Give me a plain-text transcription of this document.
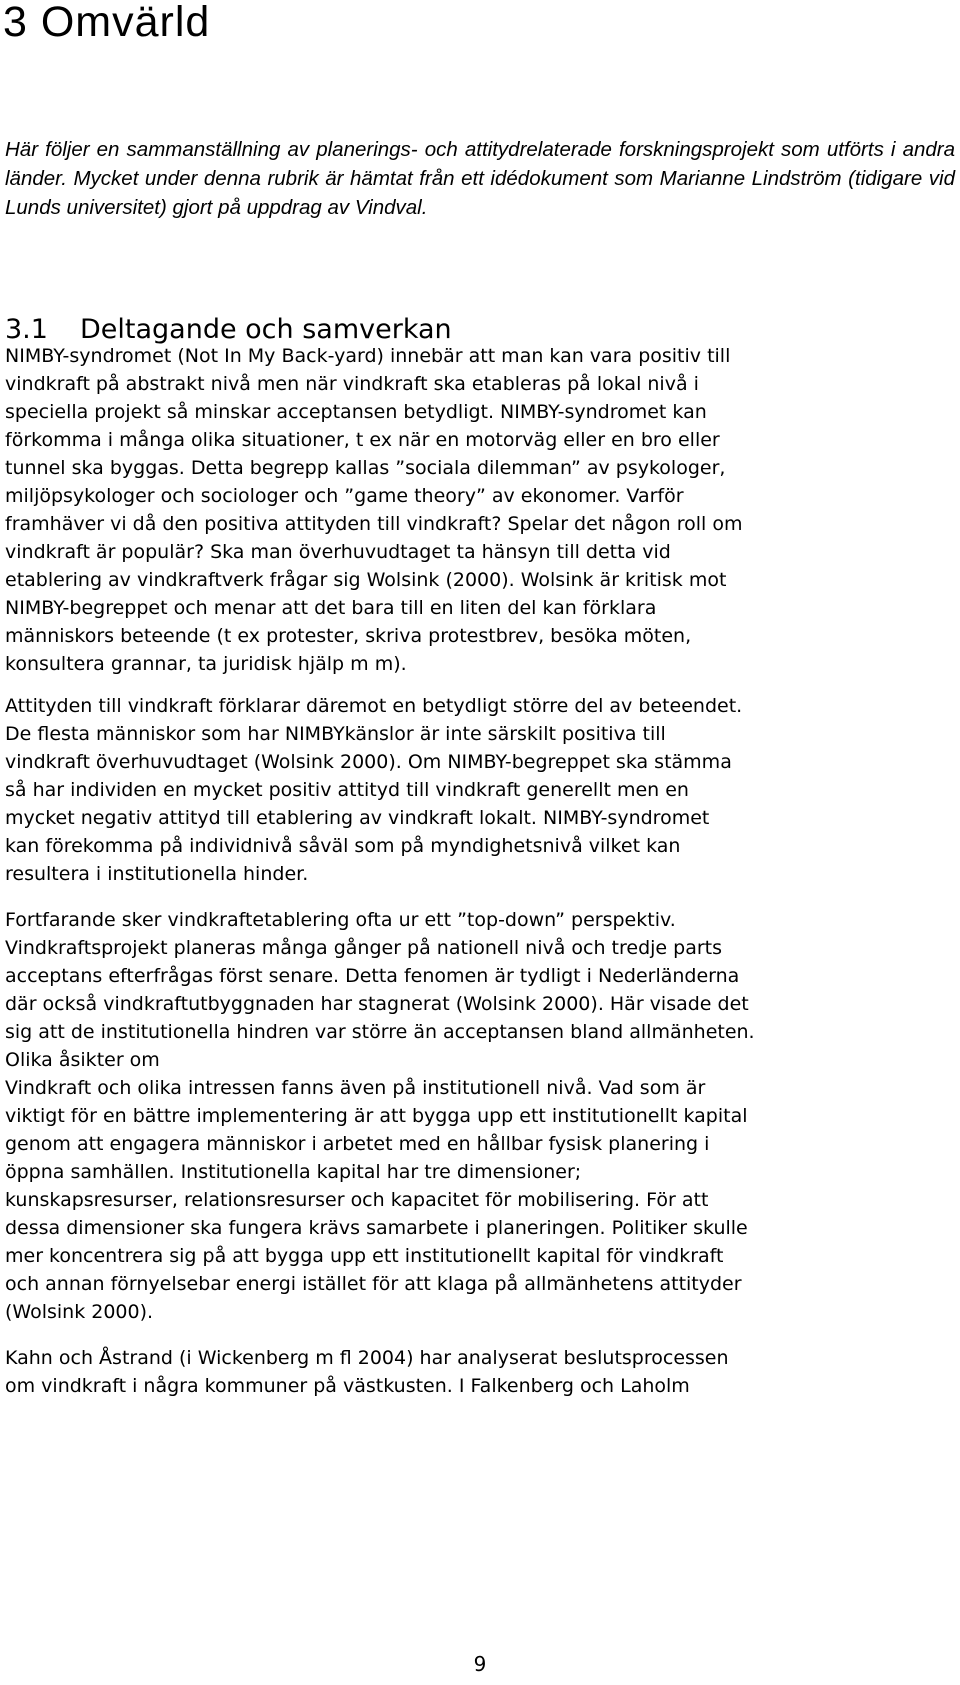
3 Omvärld

Här följer en sammanställning av planerings- och attitydrelaterade forskningsprojekt som utförts i andra länder. Mycket under denna rubrik är hämtat från ett idédokument som Marianne Lindström (tidigare vid Lunds universitet) gjort på uppdrag av Vindval.

3.1 Deltagande och samverkan

NIMBY-syndromet (Not In My Back-yard) innebär att man kan vara positiv till

vindkraft på abstrakt nivå men när vindkraft ska etableras på lokal nivå i

speciella projekt så minskar acceptansen betydligt. NIMBY-syndromet kan

förkomma i många olika situationer, t ex när en motorväg eller en bro eller

tunnel ska byggas. Detta begrepp kallas ”sociala dilemman” av psykologer,

miljöpsykologer och sociologer och ”game theory” av ekonomer. Varför

framhäver vi då den positiva attityden till vindkraft? Spelar det någon roll om

vindkraft är populär? Ska man överhuvudtaget ta hänsyn till detta vid

etablering av vindkraftverk frågar sig Wolsink (2000). Wolsink är kritisk mot

NIMBY-begreppet och menar att det bara till en liten del kan förklara

människors beteende (t ex protester, skriva protestbrev, besöka möten,

konsultera grannar, ta juridisk hjälp m m).

Attityden till vindkraft förklarar däremot en betydligt större del av beteendet.

De flesta människor som har NIMBYkänslor är inte särskilt positiva till

vindkraft överhuvudtaget (Wolsink 2000). Om NIMBY-begreppet ska stämma

så har individen en mycket positiv attityd till vindkraft generellt men en

mycket negativ attityd till etablering av vindkraft lokalt. NIMBY-syndromet

kan förekomma på individnivå såväl som på myndighetsnivå vilket kan

resultera i institutionella hinder.

Fortfarande sker vindkraftetablering ofta ur ett ”top-down” perspektiv.

Vindkraftsprojekt planeras många gånger på nationell nivå och tredje parts

acceptans efterfrågas först senare. Detta fenomen är tydligt i Nederländerna

där också vindkraftutbyggnaden har stagnerat (Wolsink 2000). Här visade det

sig att de institutionella hindren var större än acceptansen bland allmänheten.

Olika åsikter om

Vindkraft och olika intressen fanns även på institutionell nivå. Vad som är

viktigt för en bättre implementering är att bygga upp ett institutionellt kapital

genom att engagera människor i arbetet med en hållbar fysisk planering i

öppna samhällen. Institutionella kapital har tre dimensioner;

kunskapsresurser, relationsresurser och kapacitet för mobilisering. För att

dessa dimensioner ska fungera krävs samarbete i planeringen. Politiker skulle

mer koncentrera sig på att bygga upp ett institutionellt kapital för vindkraft

och annan förnyelsebar energi istället för att klaga på allmänhetens attityder

(Wolsink 2000).

Kahn och Åstrand (i Wickenberg m fl 2004) har analyserat beslutsprocessen

om vindkraft i några kommuner på västkusten. I Falkenberg och Laholm

9
